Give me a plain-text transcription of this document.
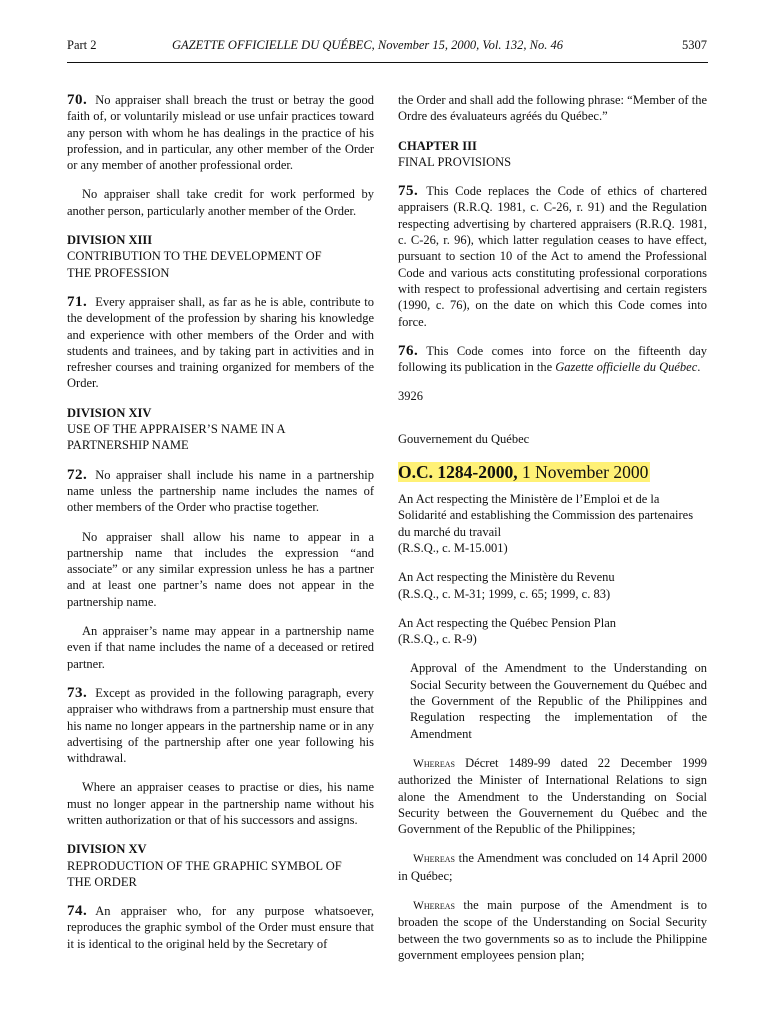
Part 2	GAZETTE OFFICIELLE DU QUÉBEC, November 15, 2000, Vol. 132, No. 46	5307

70. No appraiser shall breach the trust or betray the good faith of, or voluntarily mislead or use unfair practices toward any person with whom he has dealings in the practice of his profession, and in particular, any other member of the Order or any member of another professional order.

No appraiser shall take credit for work performed by another person, particularly another member of the Order.

DIVISION XIII
CONTRIBUTION TO THE DEVELOPMENT OF
THE PROFESSION

71. Every appraiser shall, as far as he is able, contribute to the development of the profession by sharing his knowledge and experience with other members of the Order and with students and trainees, and by taking part in activities and in refresher courses and training organized for members of the Order.

DIVISION XIV
USE OF THE APPRAISER’S NAME IN A
PARTNERSHIP NAME

72. No appraiser shall include his name in a partnership name unless the partnership name includes the names of other members of the Order who practise together.

No appraiser shall allow his name to appear in a partnership name that includes the expression “and associate” or any similar expression unless he has a partner and at least one partner’s name does not appear in the partnership name.

An appraiser’s name may appear in a partnership name even if that name includes the name of a deceased or retired partner.

73. Except as provided in the following paragraph, every appraiser who withdraws from a partnership must ensure that his name no longer appears in the partnership name or in any advertising of the partnership after one year following his withdrawal.

Where an appraiser ceases to practise or dies, his name must no longer appear in the partnership name without his written authorization or that of his successors and assigns.

DIVISION XV
REPRODUCTION OF THE GRAPHIC SYMBOL OF
THE ORDER

74. An appraiser who, for any purpose whatsoever, reproduces the graphic symbol of the Order must ensure that it is identical to the original held by the Secretary of

the Order and shall add the following phrase: “Member of the Ordre des évaluateurs agréés du Québec.”

CHAPTER III
FINAL PROVISIONS

75. This Code replaces the Code of ethics of chartered appraisers (R.R.Q. 1981, c. C-26, r. 91) and the Regulation respecting advertising by chartered appraisers (R.R.Q. 1981, c. C-26, r. 96), which latter regulation ceases to have effect, pursuant to section 10 of the Act to amend the Professional Code and various acts constituting professional corporations with respect to professional advertising and certain registers (1990, c. 76), on the date on which this Code comes into force.

76. This Code comes into force on the fifteenth day following its publication in the Gazette officielle du Québec.

3926

Gouvernement du Québec

O.C. 1284-2000, 1 November 2000
An Act respecting the Ministère de l’Emploi et de la Solidarité and establishing the Commission des partenaires du marché du travail
(R.S.Q., c. M-15.001)
An Act respecting the Ministère du Revenu
(R.S.Q., c. M-31; 1999, c. 65; 1999, c. 83)
An Act respecting the Québec Pension Plan
(R.S.Q., c. R-9)

Approval of the Amendment to the Understanding on Social Security between the Gouvernement du Québec and the Government of the Republic of the Philippines and Regulation respecting the implementation of the Amendment

Whereas Décret 1489-99 dated 22 December 1999 authorized the Minister of International Relations to sign alone the Amendment to the Understanding on Social Security between the Gouvernement du Québec and the Government of the Republic of the Philippines;

Whereas the Amendment was concluded on 14 April 2000 in Québec;

Whereas the main purpose of the Amendment is to broaden the scope of the Understanding on Social Security between the two governments so as to include the Philippine government employees pension plan;
